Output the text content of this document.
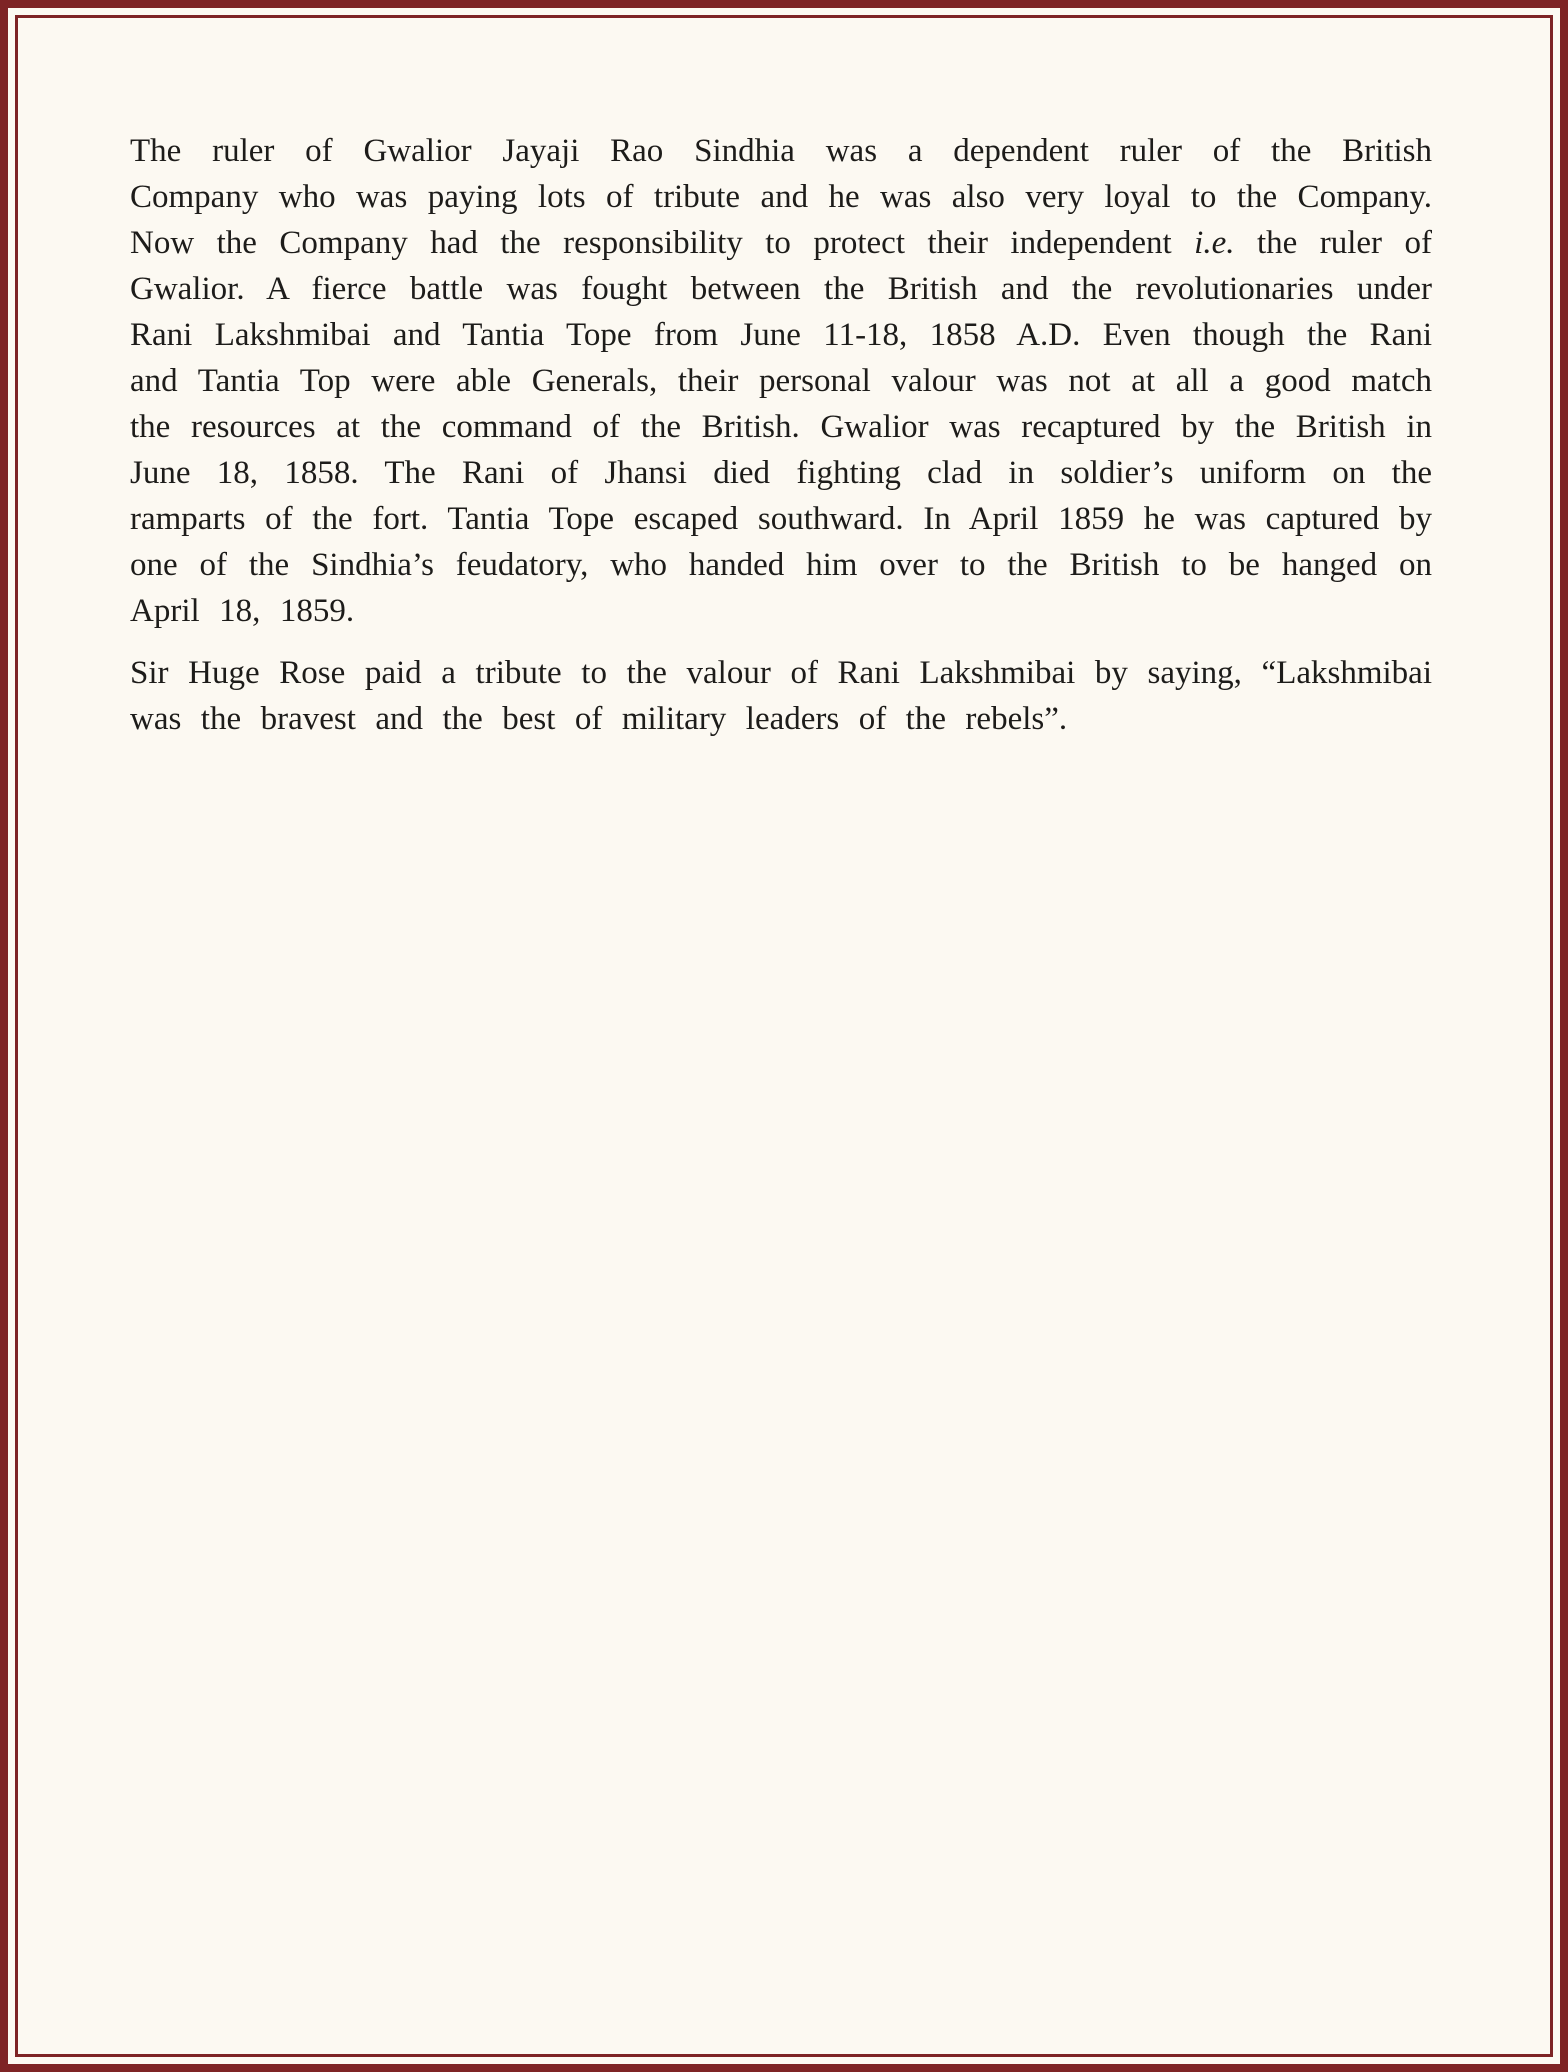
The ruler of Gwalior Jayaji Rao Sindhia was a dependent ruler of the British Company who was paying lots of tribute and he was also very loyal to the Company. Now the Company had the responsibility to protect their independent i.e. the ruler of Gwalior. A fierce battle was fought between the British and the revolutionaries under Rani Lakshmibai and Tantia Tope from June 11-18, 1858 A.D. Even though the Rani and Tantia Top were able Generals, their personal valour was not at all a good match the resources at the command of the British. Gwalior was recaptured by the British in June 18, 1858. The Rani of Jhansi died fighting clad in soldier’s uniform on the ramparts of the fort. Tantia Tope escaped southward. In April 1859 he was captured by one of the Sindhia’s feudatory, who handed him over to the British to be hanged on April 18, 1859.

Sir Huge Rose paid a tribute to the valour of Rani Lakshmibai by saying, “Lakshmibai was the bravest and the best of military leaders of the rebels”.
